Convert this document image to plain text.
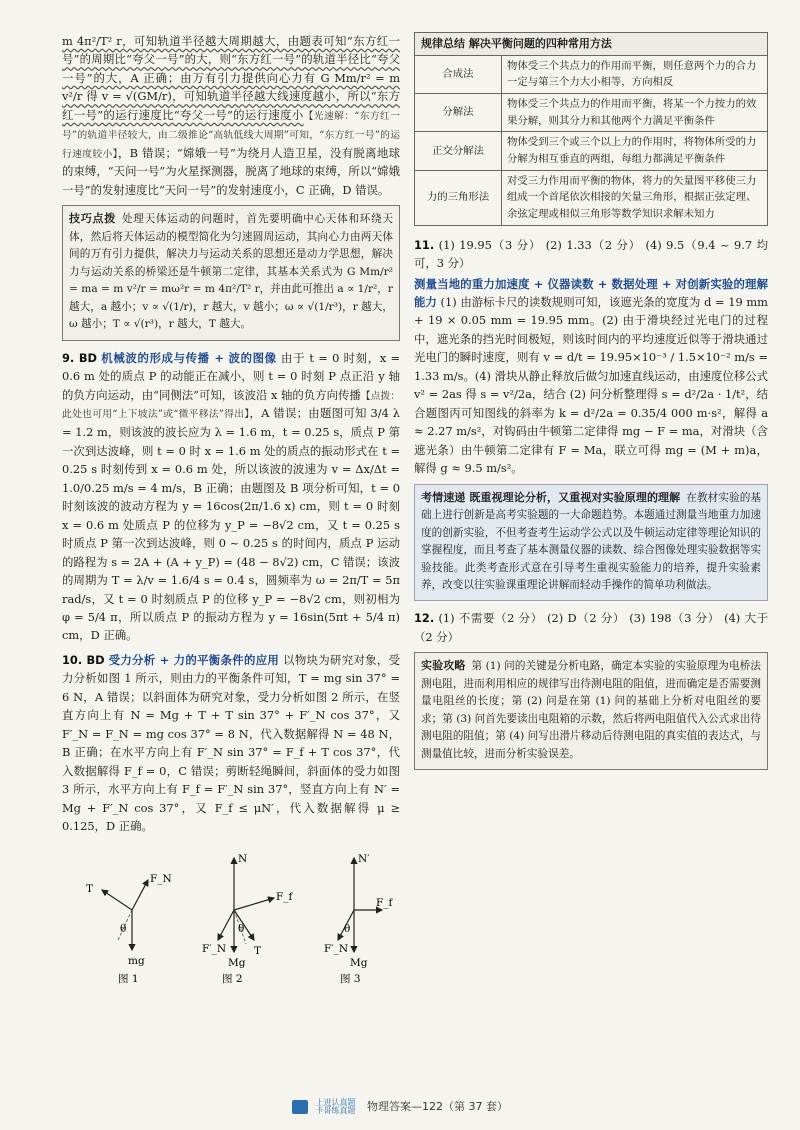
m 4π²/T² r，可知轨道半径越大周期越大，由题表可知“东方红一号”的周期比“夸父一号”的大，则“东方红一号”的轨道半径比“夸父一号”的大，A 正确；由万有引力提供向心力有 G Mm/r² = m v²/r 得 v = √(GM/r)，可知轨道半径越大线速度越小，所以“东方红一号”的运行速度比“夸父一号”的运行速度小【光速解：“东方红一号”的轨道半径较大，由二级推论“高轨低线大周期”可知，“东方红一号”的运行速度较小】，B 错误；“嫦娥一号”为绕月人造卫星，没有脱离地球的束缚，“天问一号”为火星探测器，脱离了地球的束缚，所以“嫦娥一号”的发射速度比“天问一号”的发射速度小，C 正确，D 错误。

技巧点拨 处理天体运动的问题时，首先要明确中心天体和环绕天体，然后将天体运动的模型简化为匀速圆周运动，其向心力由两天体间的万有引力提供，解决力与运动关系的思想还是动力学思想，解决力与运动关系的桥梁还是牛顿第二定律，其基本关系式为 G Mm/r² = ma = m v²/r = mω²r = m 4π²/T² r，并由此可推出 a ∝ 1/r²，r 越大，a 越小；v ∝ √(1/r)，r 越大，v 越小；ω ∝ √(1/r³)，r 越大，ω 越小；T ∝ √(r³)，r 越大，T 越大。

9. BD 机械波的形成与传播 + 波的图像 由于 t = 0 时刻，x = 0.6 m 处的质点 P 的动能正在减小，则 t = 0 时刻 P 点正沿 y 轴的负方向运动，由“同侧法”可知，该波沿 x 轴的负方向传播【点拨：此处也可用“上下坡法”或“微平移法”得出】，A 错误；由题图可知 3/4 λ = 1.2 m，则该波的波长应为 λ = 1.6 m，t = 0.25 s，质点 P 第一次到达波峰，则 t = 0 时 x = 1.6 m 处的质点的振动形式在 t = 0.25 s 时刻传到 x = 0.6 m 处，所以该波的波速为 v = Δx/Δt = 1.0/0.25 m/s = 4 m/s，B 正确；由题图及 B 项分析可知，t = 0 时刻该波的波动方程为 y = 16cos(2π/1.6 x) cm，则 t = 0 时刻 x = 0.6 m 处质点 P 的位移为 y_P = −8√2 cm，又 t = 0.25 s 时质点 P 第一次到达波峰，则 0 ~ 0.25 s 的时间内，质点 P 运动的路程为 s = 2A + (A + y_P) = (48 − 8√2) cm，C 错误；该波的周期为 T = λ/v = 1.6/4 s = 0.4 s，圆频率为 ω = 2π/T = 5π rad/s，又 t = 0 时刻质点 P 的位移 y_P = −8√2 cm，则初相为 φ = 5/4 π，所以质点 P 的振动方程为 y = 16sin(5πt + 5/4 π) cm，D 正确。

10. BD 受力分析 + 力的平衡条件的应用 以物块为研究对象，受力分析如图 1 所示，则由力的平衡条件可知，T = mg sin 37° = 6 N，A 错误；以斜面体为研究对象，受力分析如图 2 所示，在竖直方向上有 N = Mg + T + T sin 37° + F′_N cos 37°，又 F′_N = F_N = mg cos 37° = 8 N，代入数据解得 N = 48 N，B 正确；在水平方向上有 F′_N sin 37° = F_f + T cos 37°，代入数据解得 F_f = 0，C 错误；剪断轻绳瞬间，斜面体的受力如图 3 所示，水平方向上有 F_f = F′_N sin 37°，竖直方向上有 N′ = Mg + F′_N cos 37°，又 F_f ≤ μN′，代入数据解得 μ ≥ 0.125，D 正确。

T
F_N
θ
mg
图 1
N
F_f
F′_N	T
θ
Mg
图 2
N′
F_f
F′_N
θ
Mg
图 3
规律总结 解决平衡问题的四种常用方法
合成法	物体受三个共点力的作用而平衡，则任意两个力的合力一定与第三个力大小相等，方向相反
分解法	物体受三个共点力的作用而平衡，将某一个力按力的效果分解，则其分力和其他两个力满足平衡条件
正交分解法	物体受到三个或三个以上力的作用时，将物体所受的力分解为相互垂直的两组，每组力都满足平衡条件
力的三角形法	对受三力作用而平衡的物体，将力的矢量图平移使三力组成一个首尾依次相接的矢量三角形，根据正弦定理、余弦定理或相似三角形等数学知识求解未知力

11. (1) 19.95（3 分） (2) 1.33（2 分） (4) 9.5（9.4 ~ 9.7 均可，3 分）

测量当地的重力加速度 + 仪器读数 + 数据处理 + 对创新实验的理解能力 (1) 由游标卡尺的读数规则可知，该遮光条的宽度为 d = 19 mm + 19 × 0.05 mm = 19.95 mm。(2) 由于滑块经过光电门的过程中，遮光条的挡光时间极短，则该时间内的平均速度近似等于滑块通过光电门的瞬时速度，则有 v = d/t = 19.95×10⁻³ / 1.5×10⁻² m/s = 1.33 m/s。(4) 滑块从静止释放后做匀加速直线运动，由速度位移公式 v² = 2as 得 s = v²/2a，结合 (2) 问分析整理得 s = d²/2a · 1/t²，结合题图丙可知图线的斜率为 k = d²/2a = 0.35/4 000 m·s²，解得 a ≈ 2.27 m/s²，对钩码由牛顿第二定律得 mg − F = ma，对滑块（含遮光条）由牛顿第二定律有 F = Ma，联立可得 mg = (M + m)a，解得 g ≈ 9.5 m/s²。

考情速递 既重视理论分析，又重视对实验原理的理解 在教材实验的基础上进行创新是高考实验题的一大命题趋势。本题通过测量当地重力加速度的创新实验，不但考查考生运动学公式以及牛顿运动定律等理论知识的掌握程度，而且考查了基本测量仪器的读数、综合图像处理实验数据等实验技能。此类考查形式意在引导考生重视实验能力的培养，提升实验素养，改变以往实验课重理论讲解而轻动手操作的简单功利做法。

12. (1) 不需要（2 分） (2) D（2 分） (3) 198（3 分） (4) 大于（2 分）

实验攻略 第 (1) 问的关键是分析电路，确定本实验的实验原理为电桥法测电阻，进而利用相应的规律写出待测电阻的阻值，进而确定是否需要测量电阻丝的长度；第 (2) 问是在第 (1) 问的基础上分析对电阻丝的要求；第 (3) 问首先要读出电阻箱的示数，然后将两电阻值代入公式求出待测电阻的阻值；第 (4) 问写出滑片移动后待测电阻的真实值的表达式，与测量值比较，进而分析实验误差。

上进认真题
卡哥练真题 物理答案—122（第 37 套）
